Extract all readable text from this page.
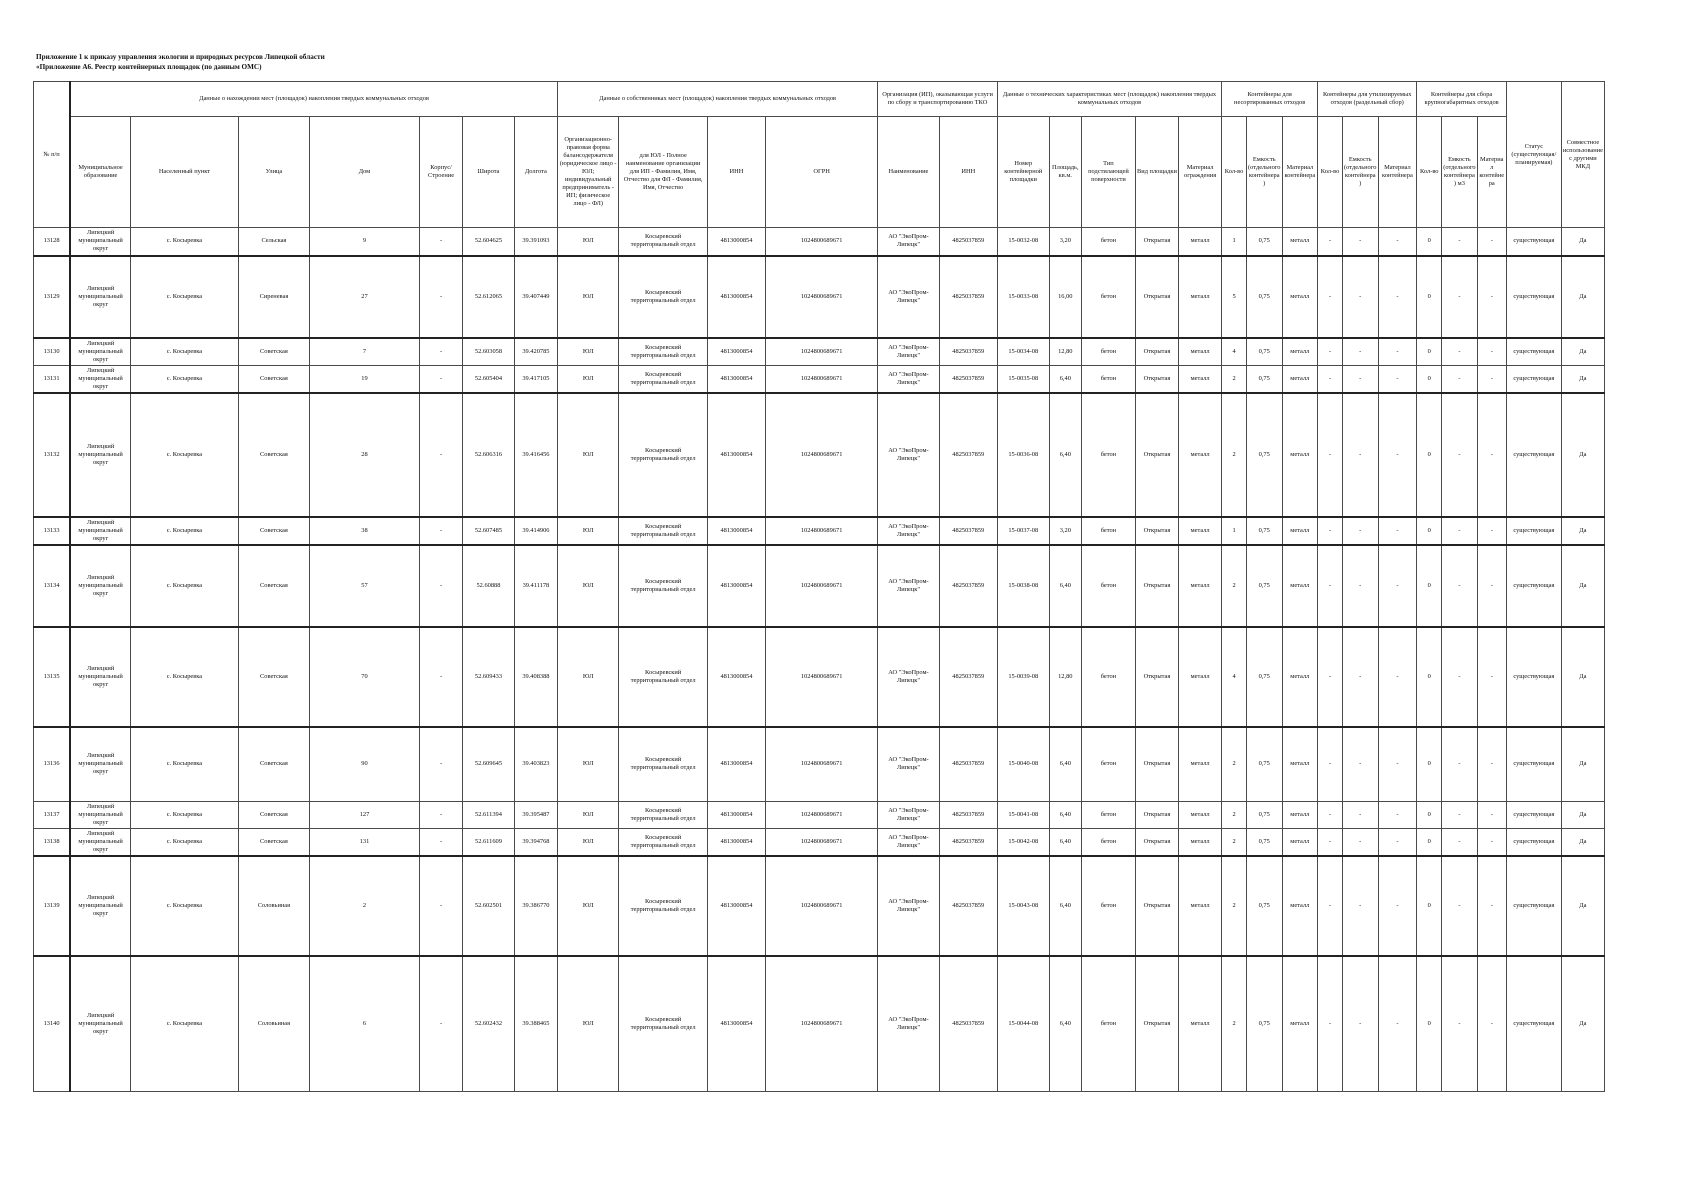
Приложение 1 к приказу управления экологии и природных ресурсов Липецкой области
«Приложение А6. Реестр контейнерных площадок (по данным ОМС)
№ п/п	Данные о нахождении мест (площадок) накопления твердых коммунальных отходов							Данные о собственниках мест (площадок) накопления твердых коммунальных отходов				Организация (ИП), оказывающая услуги по сбору и транспортированию ТКО		Данные о технических характеристиках мест (площадок) накопления твердых коммунальных отходов					Контейнеры для несортированных отходов			Контейнеры для утилизируемых отходов (раздельный сбор)			Контейнеры для сбора крупногабаритных отходов			Статус (существующая/планируемая)	Совместное использование с другими МКД
	Муниципальное образование	Населенный пункт	Улица	Дом	Корпус/Строение	Широта	Долгота	Организационно-правовая форма балансодержателя (юридическое лицо - ЮЛ; индивидуальный предприниматель - ИП; физическое лицо - ФЛ)	для ЮЛ - Полное наименование организации для ИП - Фамилия, Имя, Отчество для ФЛ - Фамилия, Имя, Отчество	ИНН	ОГРН	Наименование	ИНН	Номер контейнерной площадки	Площадь, кв.м.	Тип подстилающей поверхности	Вид площадки	Материал ограждения	Кол-во	Емкость (отдельного контейнера)	Материал контейнера	Кол-во	Емкость (отдельного контейнера)	Материал контейнера	Кол-во	Емкость (отдельного контейнера) м3	Материал контейнера		
13128	Липецкий муниципальный округ	с. Косыревка	Сельская	9	-	52.604625	39.391093	ЮЛ	Косыревский территориальный отдел	4813000854	1024800689671	АО "ЭкоПром-Липецк"	4825037859	15-0032-08	3,20	бетон	Открытая	металл	1	0,75	металл	-	-	-	0	-	-	существующая	Да
13129	Липецкий муниципальный округ	с. Косыревка	Сиреневая	27	-	52.612065	39.407449	ЮЛ	Косыревский территориальный отдел	4813000854	1024800689671	АО "ЭкоПром-Липецк"	4825037859	15-0033-08	16,00	бетон	Открытая	металл	5	0,75	металл	-	-	-	0	-	-	существующая	Да
13130	Липецкий муниципальный округ	с. Косыревка	Советская	7	-	52.603058	39.420785	ЮЛ	Косыревский территориальный отдел	4813000854	1024800689671	АО "ЭкоПром-Липецк"	4825037859	15-0034-08	12,80	бетон	Открытая	металл	4	0,75	металл	-	-	-	0	-	-	существующая	Да
13131	Липецкий муниципальный округ	с. Косыревка	Советская	19	-	52.605404	39.417105	ЮЛ	Косыревский территориальный отдел	4813000854	1024800689671	АО "ЭкоПром-Липецк"	4825037859	15-0035-08	6,40	бетон	Открытая	металл	2	0,75	металл	-	-	-	0	-	-	существующая	Да
13132	Липецкий муниципальный округ	с. Косыревка	Советская	28	-	52.606316	39.416456	ЮЛ	Косыревский территориальный отдел	4813000854	1024800689671	АО "ЭкоПром-Липецк"	4825037859	15-0036-08	6,40	бетон	Открытая	металл	2	0,75	металл	-	-	-	0	-	-	существующая	Да
13133	Липецкий муниципальный округ	с. Косыревка	Советская	38	-	52.607485	39.414906	ЮЛ	Косыревский территориальный отдел	4813000854	1024800689671	АО "ЭкоПром-Липецк"	4825037859	15-0037-08	3,20	бетон	Открытая	металл	1	0,75	металл	-	-	-	0	-	-	существующая	Да
13134	Липецкий муниципальный округ	с. Косыревка	Советская	57	-	52.60888	39.411178	ЮЛ	Косыревский территориальный отдел	4813000854	1024800689671	АО "ЭкоПром-Липецк"	4825037859	15-0038-08	6,40	бетон	Открытая	металл	2	0,75	металл	-	-	-	0	-	-	существующая	Да
13135	Липецкий муниципальный округ	с. Косыревка	Советская	70	-	52.609433	39.408388	ЮЛ	Косыревский территориальный отдел	4813000854	1024800689671	АО "ЭкоПром-Липецк"	4825037859	15-0039-08	12,80	бетон	Открытая	металл	4	0,75	металл	-	-	-	0	-	-	существующая	Да
13136	Липецкий муниципальный округ	с. Косыревка	Советская	90	-	52.609645	39.403823	ЮЛ	Косыревский территориальный отдел	4813000854	1024800689671	АО "ЭкоПром-Липецк"	4825037859	15-0040-08	6,40	бетон	Открытая	металл	2	0,75	металл	-	-	-	0	-	-	существующая	Да
13137	Липецкий муниципальный округ	с. Косыревка	Советская	127	-	52.611394	39.395487	ЮЛ	Косыревский территориальный отдел	4813000854	1024800689671	АО "ЭкоПром-Липецк"	4825037859	15-0041-08	6,40	бетон	Открытая	металл	2	0,75	металл	-	-	-	0	-	-	существующая	Да
13138	Липецкий муниципальный округ	с. Косыревка	Советская	131	-	52.611609	39.394768	ЮЛ	Косыревский территориальный отдел	4813000854	1024800689671	АО "ЭкоПром-Липецк"	4825037859	15-0042-08	6,40	бетон	Открытая	металл	2	0,75	металл	-	-	-	0	-	-	существующая	Да
13139	Липецкий муниципальный округ	с. Косыревка	Соловьиная	2	-	52.602501	39.386770	ЮЛ	Косыревский территориальный отдел	4813000854	1024800689671	АО "ЭкоПром-Липецк"	4825037859	15-0043-08	6,40	бетон	Открытая	металл	2	0,75	металл	-	-	-	0	-	-	существующая	Да
13140	Липецкий муниципальный округ	с. Косыревка	Соловьиная	6	-	52.602432	39.388465	ЮЛ	Косыревский территориальный отдел	4813000854	1024800689671	АО "ЭкоПром-Липецк"	4825037859	15-0044-08	6,40	бетон	Открытая	металл	2	0,75	металл	-	-	-	0	-	-	существующая	Да
